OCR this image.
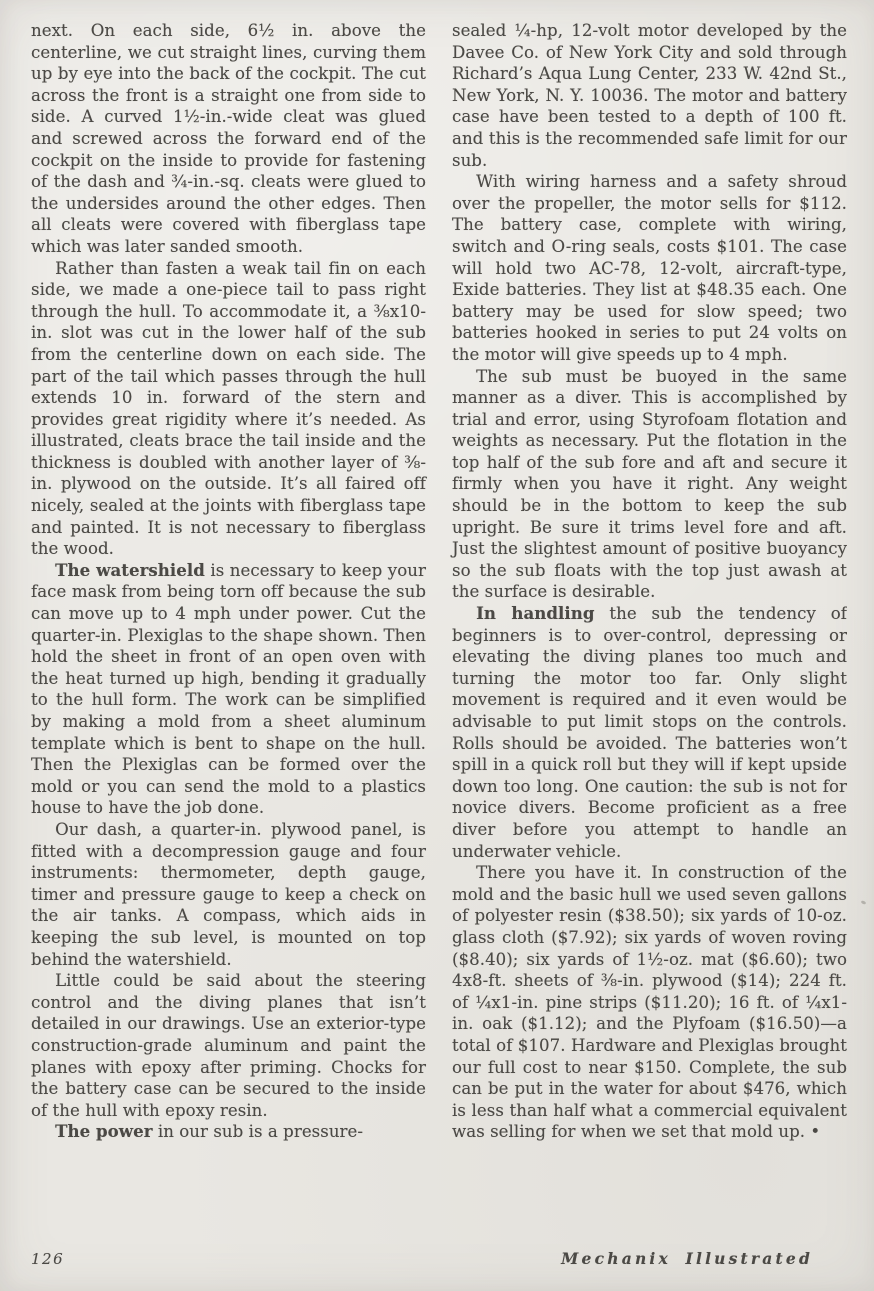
next. On each side, 6½ in. above the centerline, we cut straight lines, curving them up by eye into the back of the cockpit. The cut across the front is a straight one from side to side. A curved 1½-in.-wide cleat was glued and screwed across the forward end of the cockpit on the inside to provide for fastening of the dash and ¾-in.-sq. cleats were glued to the undersides around the other edges. Then all cleats were covered with fiberglass tape which was later sanded smooth.

Rather than fasten a weak tail fin on each side, we made a one-piece tail to pass right through the hull. To accommodate it, a ⅜x10-in. slot was cut in the lower half of the sub from the centerline down on each side. The part of the tail which passes through the hull extends 10 in. forward of the stern and provides great rigidity where it’s needed. As illustrated, cleats brace the tail inside and the thickness is doubled with another layer of ⅜-in. plywood on the outside. It’s all faired off nicely, sealed at the joints with fiberglass tape and painted. It is not necessary to fiberglass the wood.

The watershield is necessary to keep your face mask from being torn off because the sub can move up to 4 mph under power. Cut the quarter-in. Plexiglas to the shape shown. Then hold the sheet in front of an open oven with the heat turned up high, bending it gradually to the hull form. The work can be simplified by making a mold from a sheet aluminum template which is bent to shape on the hull. Then the Plexiglas can be formed over the mold or you can send the mold to a plastics house to have the job done.

Our dash, a quarter-in. plywood panel, is fitted with a decompression gauge and four instruments: thermometer, depth gauge, timer and pressure gauge to keep a check on the air tanks. A compass, which aids in keeping the sub level, is mounted on top behind the watershield.

Little could be said about the steering control and the diving planes that isn’t detailed in our drawings. Use an exterior-type construction-grade aluminum and paint the planes with epoxy after priming. Chocks for the battery case can be secured to the inside of the hull with epoxy resin.

The power in our sub is a pressure-

sealed ¼-hp, 12-volt motor developed by the Davee Co. of New York City and sold through Richard’s Aqua Lung Center, 233 W. 42nd St., New York, N. Y. 10036. The motor and battery case have been tested to a depth of 100 ft. and this is the recommended safe limit for our sub.

With wiring harness and a safety shroud over the propeller, the motor sells for $112. The battery case, complete with wiring, switch and O-ring seals, costs $101. The case will hold two AC-78, 12-volt, aircraft-type, Exide batteries. They list at $48.35 each. One battery may be used for slow speed; two batteries hooked in series to put 24 volts on the motor will give speeds up to 4 mph.

The sub must be buoyed in the same manner as a diver. This is accomplished by trial and error, using Styrofoam flotation and weights as necessary. Put the flotation in the top half of the sub fore and aft and secure it firmly when you have it right. Any weight should be in the bottom to keep the sub upright. Be sure it trims level fore and aft. Just the slightest amount of positive buoyancy so the sub floats with the top just awash at the surface is desirable.

In handling the sub the tendency of beginners is to over-control, depressing or elevating the diving planes too much and turning the motor too far. Only slight movement is required and it even would be advisable to put limit stops on the controls. Rolls should be avoided. The batteries won’t spill in a quick roll but they will if kept upside down too long. One caution: the sub is not for novice divers. Become proficient as a free diver before you attempt to handle an underwater vehicle.

There you have it. In construction of the mold and the basic hull we used seven gallons of polyester resin ($38.50); six yards of 10-oz. glass cloth ($7.92); six yards of woven roving ($8.40); six yards of 1½-oz. mat ($6.60); two 4x8-ft. sheets of ⅜-in. plywood ($14); 224 ft. of ¼x1-in. pine strips ($11.20); 16 ft. of ¼x1-in. oak ($1.12); and the Plyfoam ($16.50)—a total of $107. Hardware and Plexiglas brought our full cost to near $150. Complete, the sub can be put in the water for about $476, which is less than half what a commercial equivalent was selling for when we set that mold up. •

126	Mechanix Illustrated
